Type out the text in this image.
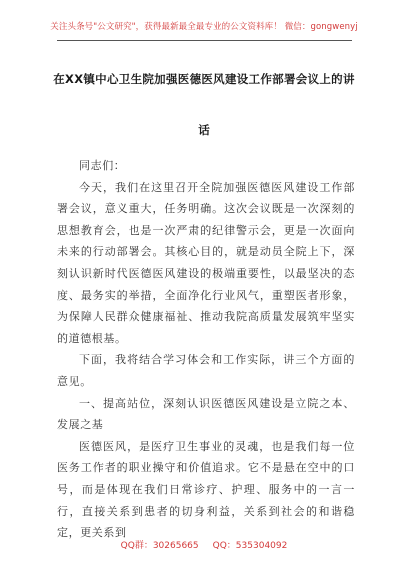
关注头条号"公文研究"，获得最新最全最专业的公文资料库！ 微信：gongwenyj
在XX镇中心卫生院加强医德医风建设工作部署会议上的讲
话

同志们：

今天，我们在这里召开全院加强医德医风建设工作部署会议，意义重大，任务明确。这次会议既是一次深刻的思想教育会，也是一次严肃的纪律警示会，更是一次面向未来的行动部署会。其核心目的，就是动员全院上下，深刻认识新时代医德医风建设的极端重要性，以最坚决的态度、最务实的举措，全面净化行业风气，重塑医者形象，为保障人民群众健康福祉、推动我院高质量发展筑牢坚实的道德根基。

下面，我将结合学习体会和工作实际，讲三个方面的意见。

一、提高站位，深刻认识医德医风建设是立院之本、发展之基

医德医风，是医疗卫生事业的灵魂，也是我们每一位医务工作者的职业操守和价值追求。它不是悬在空中的口号，而是体现在我们日常诊疗、护理、服务中的一言一行，直接关系到患者的切身利益，关系到社会的和谐稳定，更关系到

QQ群：30265665 QQ：535304092
